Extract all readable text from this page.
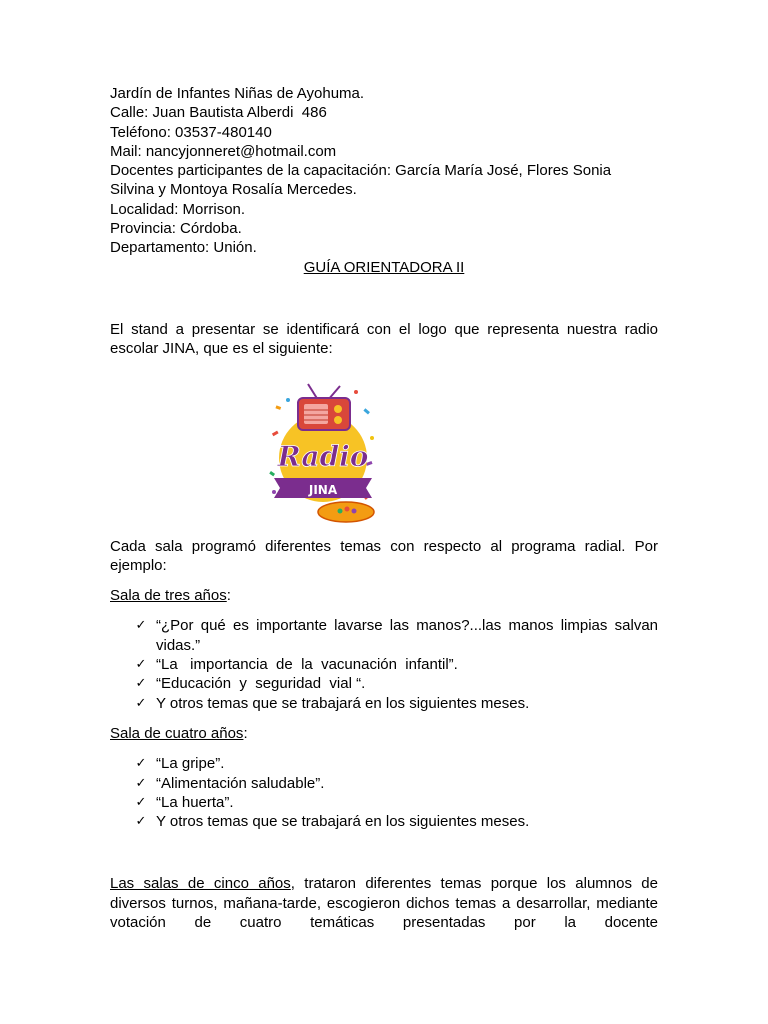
Jardín de Infantes Niñas de Ayohuma.
Calle: Juan Bautista Alberdi  486
Teléfono: 03537-480140
Mail: nancyjonneret@hotmail.com
Docentes participantes de la capacitación: García María José, Flores Sonia
Silvina y Montoya Rosalía Mercedes.
Localidad: Morrison.
Provincia: Córdoba.
Departamento: Unión.
GUÍA ORIENTADORA II
El stand a presentar se identificará con el logo que representa nuestra radio escolar JINA, que es el siguiente:
Cada sala programó diferentes temas con respecto al programa radial. Por ejemplo:
Sala de tres años:
✓ “¿Por qué es importante lavarse las manos?...las manos limpias salvan vidas.”
✓ “La   importancia  de  la  vacunación  infantil”.
✓ “Educación  y  seguridad  vial “.
✓ Y otros temas que se trabajará en los siguientes meses.
Sala de cuatro años:
✓ “La gripe”.
✓ “Alimentación saludable”.
✓ “La huerta”.
✓ Y otros temas que se trabajará en los siguientes meses.
Las salas de cinco años, trataron diferentes temas porque los alumnos de diversos turnos, mañana-tarde, escogieron dichos temas a desarrollar, mediante votación de cuatro temáticas presentadas por la docente
Radio
JINA
